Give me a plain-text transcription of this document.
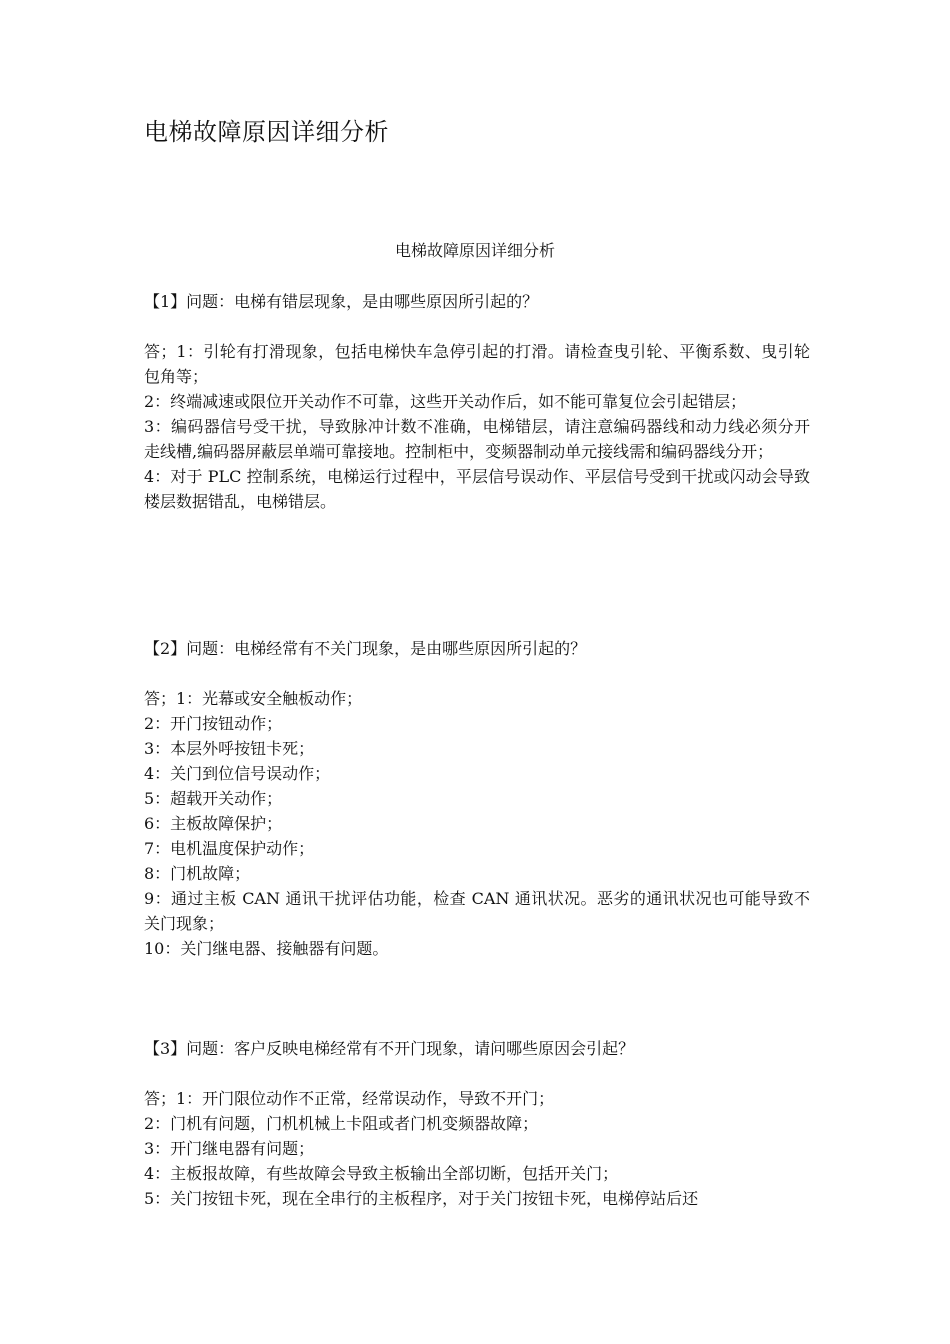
电梯故障原因详细分析
电梯故障原因详细分析

【1】问题：电梯有错层现象，是由哪些原因所引起的？

答；1：引轮有打滑现象，包括电梯快车急停引起的打滑。请检查曳引轮、平衡系数、曳引轮包角等；

2：终端减速或限位开关动作不可靠，这些开关动作后，如不能可靠复位会引起错层；

3：编码器信号受干扰，导致脉冲计数不准确，电梯错层，请注意编码器线和动力线必须分开走线槽,编码器屏蔽层单端可靠接地。控制柜中，变频器制动单元接线需和编码器线分开；

4：对于 PLC 控制系统，电梯运行过程中，平层信号误动作、平层信号受到干扰或闪动会导致楼层数据错乱，电梯错层。

【2】问题：电梯经常有不关门现象，是由哪些原因所引起的？

答；1：光幕或安全触板动作；

2：开门按钮动作；

3：本层外呼按钮卡死；

4：关门到位信号误动作；

5：超载开关动作；

6：主板故障保护；

7：电机温度保护动作；

8：门机故障；

9：通过主板 CAN 通讯干扰评估功能，检查 CAN 通讯状况。恶劣的通讯状况也可能导致不关门现象；

10：关门继电器、接触器有问题。

【3】问题：客户反映电梯经常有不开门现象，请问哪些原因会引起？

答；1：开门限位动作不正常，经常误动作，导致不开门；

2：门机有问题，门机机械上卡阻或者门机变频器故障；

3：开门继电器有问题；

4：主板报故障，有些故障会导致主板输出全部切断，包括开关门；

5：关门按钮卡死，现在全串行的主板程序，对于关门按钮卡死，电梯停站后还
